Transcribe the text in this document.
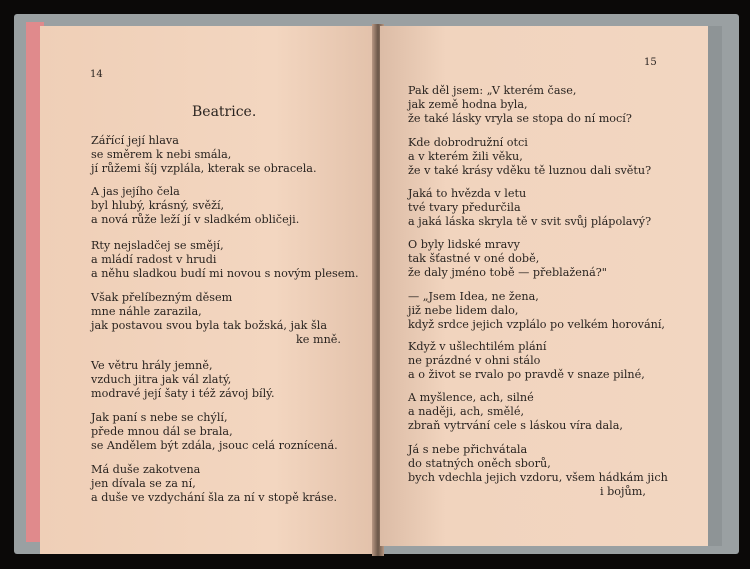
14
Beatrice.
Zářící její hlava
se směrem k nebi smála,
jí růžemi šíj vzplála, kterak se obracela.
A jas jejího čela
byl hlubý, krásný, svěží,
a nová růže leží jí v sladkém obličeji.
Rty nejsladčej se smějí,
a mládí radost v hrudi
a něhu sladkou budí mi novou s novým plesem.
Však přelíbezným děsem
mne náhle zarazila,
jak postavou svou byla tak božská, jak šla
ke mně.
Ve větru hrály jemně,
vzduch jitra jak vál zlatý,
modravé její šaty i též závoj bílý.
Jak paní s nebe se chýlí,
přede mnou dál se brala,
se Andělem být zdála, jsouc celá roznícená.
Má duše zakotvena
jen dívala se za ní,
a duše ve vzdychání šla za ní v stopě kráse.
15
Pak děl jsem: „V kterém čase,
jak země hodna byla,
že také lásky vryla se stopa do ní mocí?
Kde dobrodružní otci
a v kterém žili věku,
že v také krásy vděku tě luznou dali světu?
Jaká to hvězda v letu
tvé tvary předurčila
a jaká láska skryla tě v svit svůj plápolavý?
O byly lidské mravy
tak šťastné v oné době,
že daly jméno tobě — přeblažená?"
— „Jsem Idea, ne žena,
již nebe lidem dalo,
když srdce jejich vzplálo po velkém horování,
Když v ušlechtilém plání
ne prázdné v ohni stálo
a o život se rvalo po pravdě v snaze pilné,
A myšlence, ach, silné
a naději, ach, smělé,
zbraň vytrvání cele s láskou víra dala,
Já s nebe přichvátala
do statných oněch sborů,
bych vdechla jejich vzdoru, všem hádkám jich
i bojům,
